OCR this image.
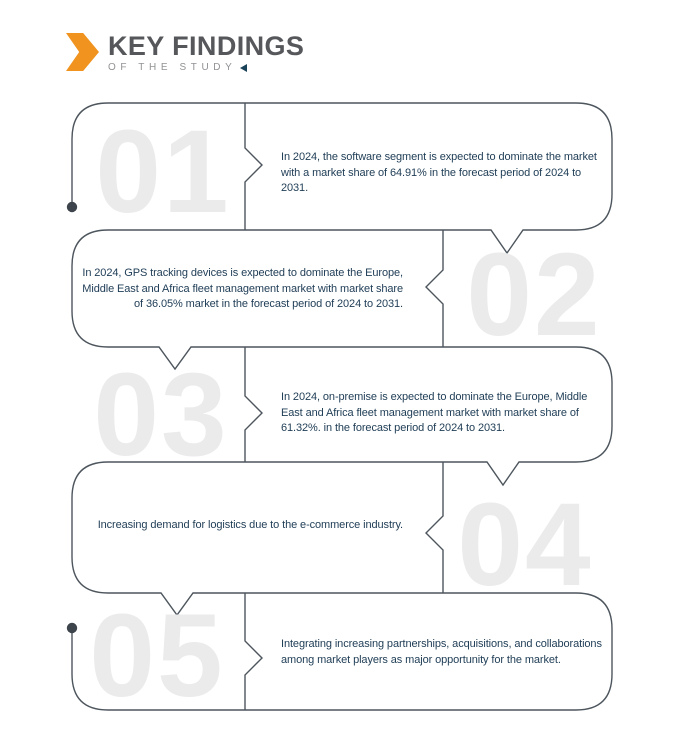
KEY FINDINGS
OF THE STUDY
01	In 2024, the software segment is expected to dominate the market with a market share of 64.91% in the forecast period of 2024 to 2031.
02
In 2024, GPS tracking devices is expected to dominate the Europe, Middle East and Africa fleet management market with market share of 36.05% market in the forecast period of 2024 to 2031.
03	In 2024, on-premise is expected to dominate the Europe, Middle East and Africa fleet management market with market share of 61.32%. in the forecast period of 2024 to 2031.
04
Increasing demand for logistics due to the e-commerce industry.
05	Integrating increasing partnerships, acquisitions, and collaborations among market players as major opportunity for the market.
